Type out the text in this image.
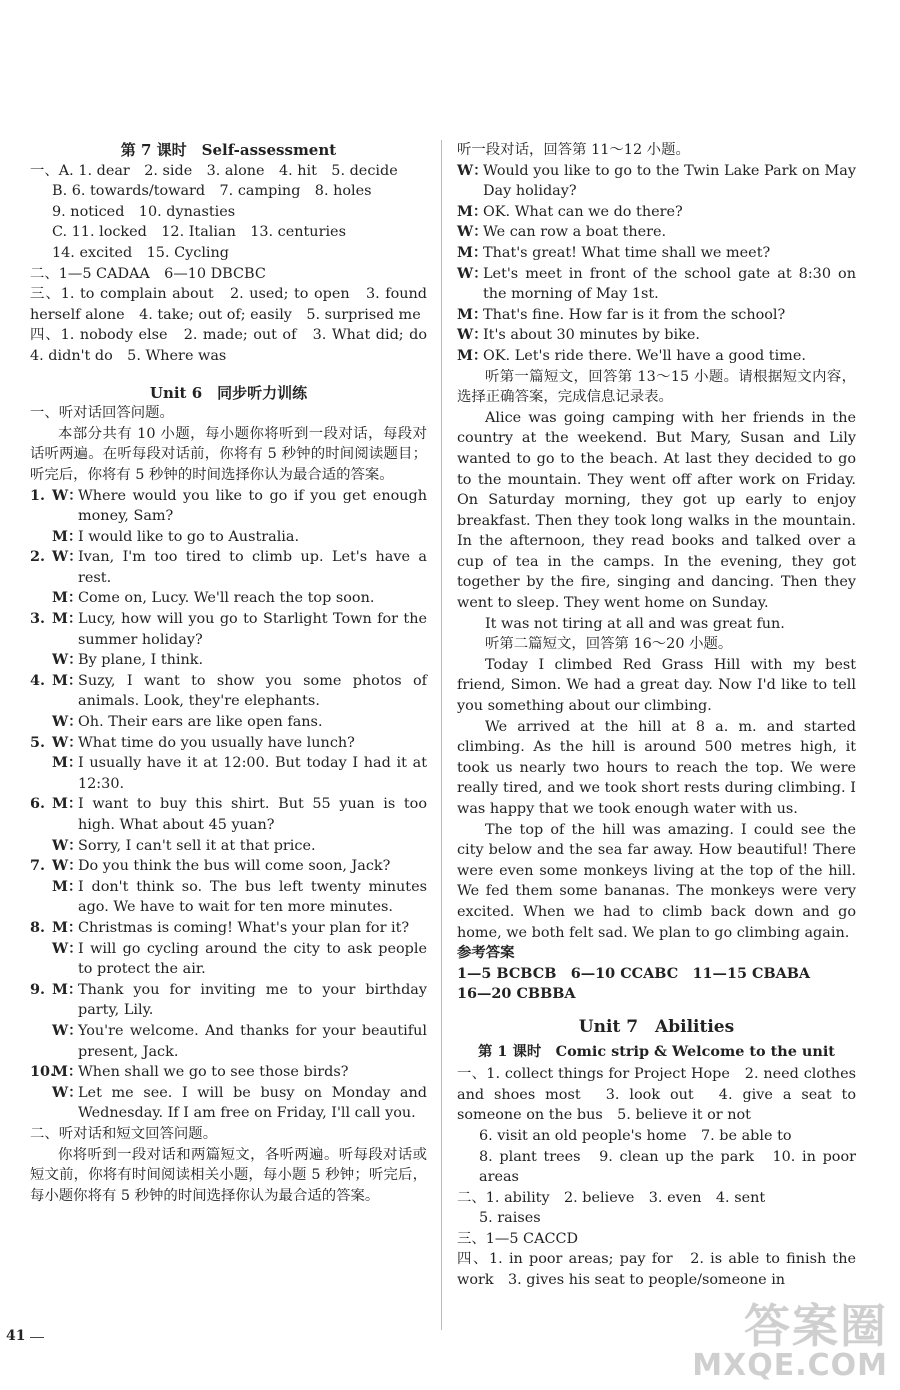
第 7 课时　Self-assessment

一、A. 1. dear　2. side　3. alone　4. hit　5. decide

B. 6. towards/toward　7. camping　8. holes

9. noticed　10. dynasties

C. 11. locked　12. Italian　13. centuries

14. excited　15. Cycling

二、1—5 CADAA　6—10 DBCBC

三、1. to complain about　2. used; to open　3. found herself alone　4. take; out of; easily　5. surprised me

四、1. nobody else　2. made; out of　3. What did; do　4. didn't do　5. Where was

Unit 6　同步听力训练

一、听对话回答问题。

本部分共有 10 小题，每小题你将听到一段对话，每段对话听两遍。在听每段对话前，你将有 5 秒钟的时间阅读题目；听完后，你将有 5 秒钟的时间选择你认为最合适的答案。

1. W：
Where would you like to go if you get enough money, Sam?
M：
I would like to go to Australia.
2. W：
Ivan, I'm too tired to climb up. Let's have a rest.
M：
Come on, Lucy. We'll reach the top soon.
3. M：
Lucy, how will you go to Starlight Town for the summer holiday?
W：
By plane, I think.
4. M：
Suzy, I want to show you some photos of animals. Look, they're elephants.
W：
Oh. Their ears are like open fans.
5. W：
What time do you usually have lunch?
M：
I usually have it at 12:00. But today I had it at 12:30.
6. M：
I want to buy this shirt. But 55 yuan is too high. What about 45 yuan?
W：
Sorry, I can't sell it at that price.
7. W：
Do you think the bus will come soon, Jack?
M：
I don't think so. The bus left twenty minutes ago. We have to wait for ten more minutes.
8. M：
Christmas is coming! What's your plan for it?
W：
I will go cycling around the city to ask people to protect the air.
9. M：
Thank you for inviting me to your birthday party, Lily.
W：
You're welcome. And thanks for your beautiful present, Jack.
10.
M：
When shall we go to see those birds?
W：
Let me see. I will be busy on Monday and Wednesday. If I am free on Friday, I'll call you.

二、听对话和短文回答问题。

你将听到一段对话和两篇短文，各听两遍。听每段对话或短文前，你将有时间阅读相关小题，每小题 5 秒钟；听完后，每小题你将有 5 秒钟的时间选择你认为最合适的答案。

听一段对话，回答第 11～12 小题。

W：
Would you like to go to the Twin Lake Park on May Day holiday?
M：
OK. What can we do there?
W：
We can row a boat there.
M：
That's great! What time shall we meet?
W：
Let's meet in front of the school gate at 8:30 on the morning of May 1st.
M：
That's fine. How far is it from the school?
W：
It's about 30 minutes by bike.
M：
OK. Let's ride there. We'll have a good time.

听第一篇短文，回答第 13～15 小题。请根据短文内容，选择正确答案，完成信息记录表。

Alice was going camping with her friends in the country at the weekend. But Mary, Susan and Lily wanted to go to the beach. At last they decided to go to the mountain. They went off after work on Friday. On Saturday morning, they got up early to enjoy breakfast. Then they took long walks in the mountain. In the afternoon, they read books and talked over a cup of tea in the camps. In the evening, they got together by the fire, singing and dancing. Then they went to sleep. They went home on Sunday.

It was not tiring at all and was great fun.

听第二篇短文，回答第 16～20 小题。

Today I climbed Red Grass Hill with my best friend, Simon. We had a great day. Now I'd like to tell you something about our climbing.

We arrived at the hill at 8 a. m. and started climbing. As the hill is around 500 metres high, it took us nearly two hours to reach the top. We were really tired, and we took short rests during climbing. I was happy that we took enough water with us.

The top of the hill was amazing. I could see the city below and the sea far away. How beautiful! There were even some monkeys living at the top of the hill. We fed them some bananas. The monkeys were very excited. When we had to climb back down and go home, we both felt sad. We plan to go climbing again.

参考答案

1—5 BCBCB　6—10 CCABC　11—15 CBABA

16—20 CBBBA

Unit 7　Abilities

第 1 课时　Comic strip & Welcome to the unit

一、1. collect things for Project Hope　2. need clothes and shoes most　3. look out　4. give a seat to someone on the bus　5. believe it or not

6. visit an old people's home　7. be able to

8. plant trees　9. clean up the park　10. in poor areas

二、1. ability　2. believe　3. even　4. sent

5. raises

三、1—5 CACCD

四、1. in poor areas; pay for　2. is able to finish the work　3. gives his seat to people/someone in

41	答案圈
MXQE.COM
